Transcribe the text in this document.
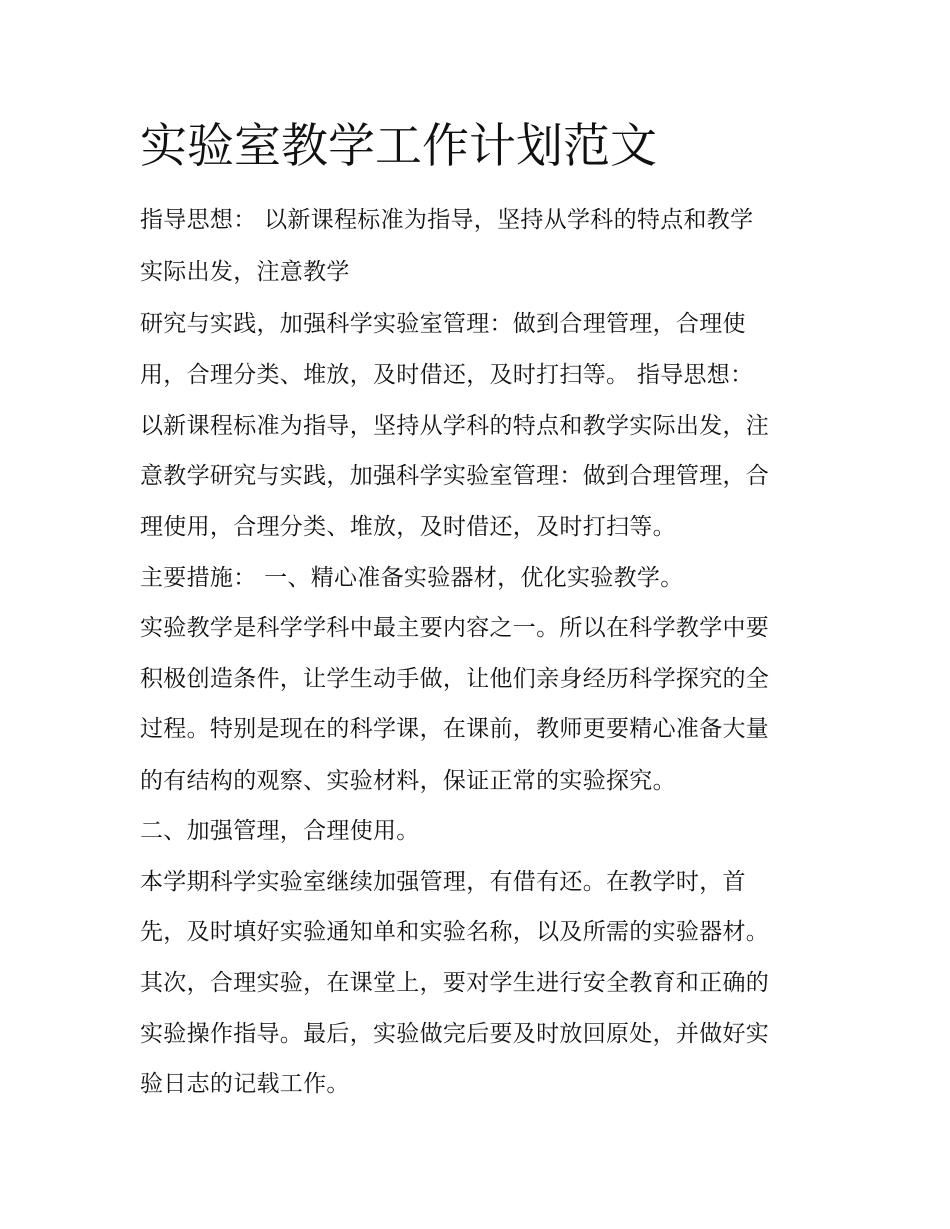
实验室教学工作计划范文

指导思想： 以新课程标准为指导，坚持从学科的特点和教学

实际出发，注意教学

研究与实践，加强科学实验室管理：做到合理管理，合理使

用，合理分类、堆放，及时借还，及时打扫等。 指导思想：

以新课程标准为指导，坚持从学科的特点和教学实际出发，注

意教学研究与实践，加强科学实验室管理：做到合理管理，合

理使用，合理分类、堆放，及时借还，及时打扫等。

主要措施： 一、精心准备实验器材，优化实验教学。

实验教学是科学学科中最主要内容之一。所以在科学教学中要

积极创造条件，让学生动手做，让他们亲身经历科学探究的全

过程。特别是现在的科学课，在课前，教师更要精心准备大量

的有结构的观察、实验材料，保证正常的实验探究。

二、加强管理，合理使用。

本学期科学实验室继续加强管理，有借有还。在教学时，首

先，及时填好实验通知单和实验名称，以及所需的实验器材。

其次，合理实验，在课堂上，要对学生进行安全教育和正确的

实验操作指导。最后，实验做完后要及时放回原处，并做好实

验日志的记载工作。
